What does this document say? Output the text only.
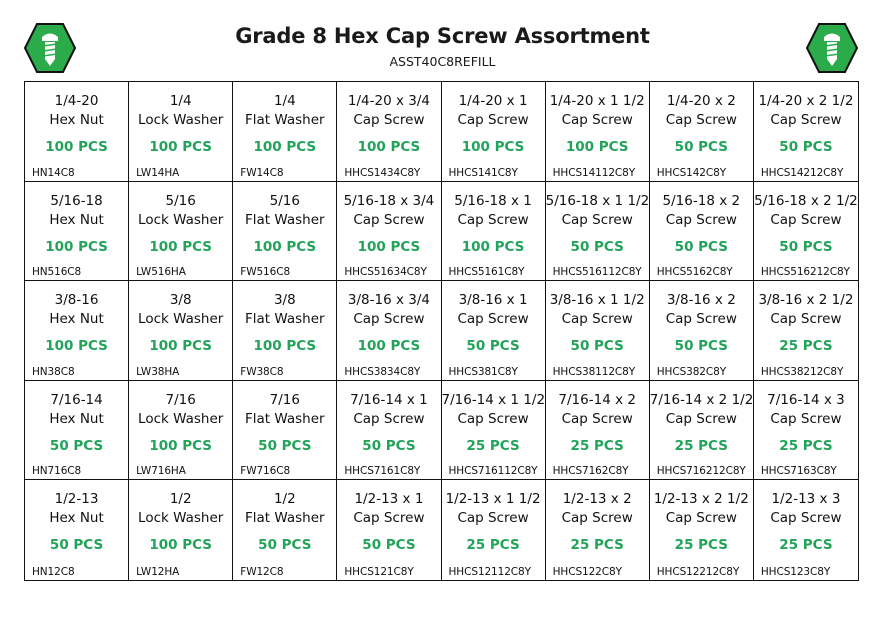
Grade 8 Hex Cap Screw Assortment
ASST40C8REFILL
1/4-20
Hex Nut
100 PCS
HN14C8
1/4
Lock Washer
100 PCS
LW14HA
1/4
Flat Washer
100 PCS
FW14C8
1/4-20 x 3/4
Cap Screw
100 PCS
HHCS1434C8Y
1/4-20 x 1
Cap Screw
100 PCS
HHCS141C8Y
1/4-20 x 1 1/2
Cap Screw
100 PCS
HHCS14112C8Y
1/4-20 x 2
Cap Screw
50 PCS
HHCS142C8Y
1/4-20 x 2 1/2
Cap Screw
50 PCS
HHCS14212C8Y
5/16-18
Hex Nut
100 PCS
HN516C8
5/16
Lock Washer
100 PCS
LW516HA
5/16
Flat Washer
100 PCS
FW516C8
5/16-18 x 3/4
Cap Screw
100 PCS
HHCS51634C8Y
5/16-18 x 1
Cap Screw
100 PCS
HHCS5161C8Y
5/16-18 x 1 1/2
Cap Screw
50 PCS
HHCS516112C8Y
5/16-18 x 2
Cap Screw
50 PCS
HHCS5162C8Y
5/16-18 x 2 1/2
Cap Screw
50 PCS
HHCS516212C8Y
3/8-16
Hex Nut
100 PCS
HN38C8
3/8
Lock Washer
100 PCS
LW38HA
3/8
Flat Washer
100 PCS
FW38C8
3/8-16 x 3/4
Cap Screw
100 PCS
HHCS3834C8Y
3/8-16 x 1
Cap Screw
50 PCS
HHCS381C8Y
3/8-16 x 1 1/2
Cap Screw
50 PCS
HHCS38112C8Y
3/8-16 x 2
Cap Screw
50 PCS
HHCS382C8Y
3/8-16 x 2 1/2
Cap Screw
25 PCS
HHCS38212C8Y
7/16-14
Hex Nut
50 PCS
HN716C8
7/16
Lock Washer
100 PCS
LW716HA
7/16
Flat Washer
50 PCS
FW716C8
7/16-14 x 1
Cap Screw
50 PCS
HHCS7161C8Y
7/16-14 x 1 1/2
Cap Screw
25 PCS
HHCS716112C8Y
7/16-14 x 2
Cap Screw
25 PCS
HHCS7162C8Y
7/16-14 x 2 1/2
Cap Screw
25 PCS
HHCS716212C8Y
7/16-14 x 3
Cap Screw
25 PCS
HHCS7163C8Y
1/2-13
Hex Nut
50 PCS
HN12C8
1/2
Lock Washer
100 PCS
LW12HA
1/2
Flat Washer
50 PCS
FW12C8
1/2-13 x 1
Cap Screw
50 PCS
HHCS121C8Y
1/2-13 x 1 1/2
Cap Screw
25 PCS
HHCS12112C8Y
1/2-13 x 2
Cap Screw
25 PCS
HHCS122C8Y
1/2-13 x 2 1/2
Cap Screw
25 PCS
HHCS12212C8Y
1/2-13 x 3
Cap Screw
25 PCS
HHCS123C8Y
